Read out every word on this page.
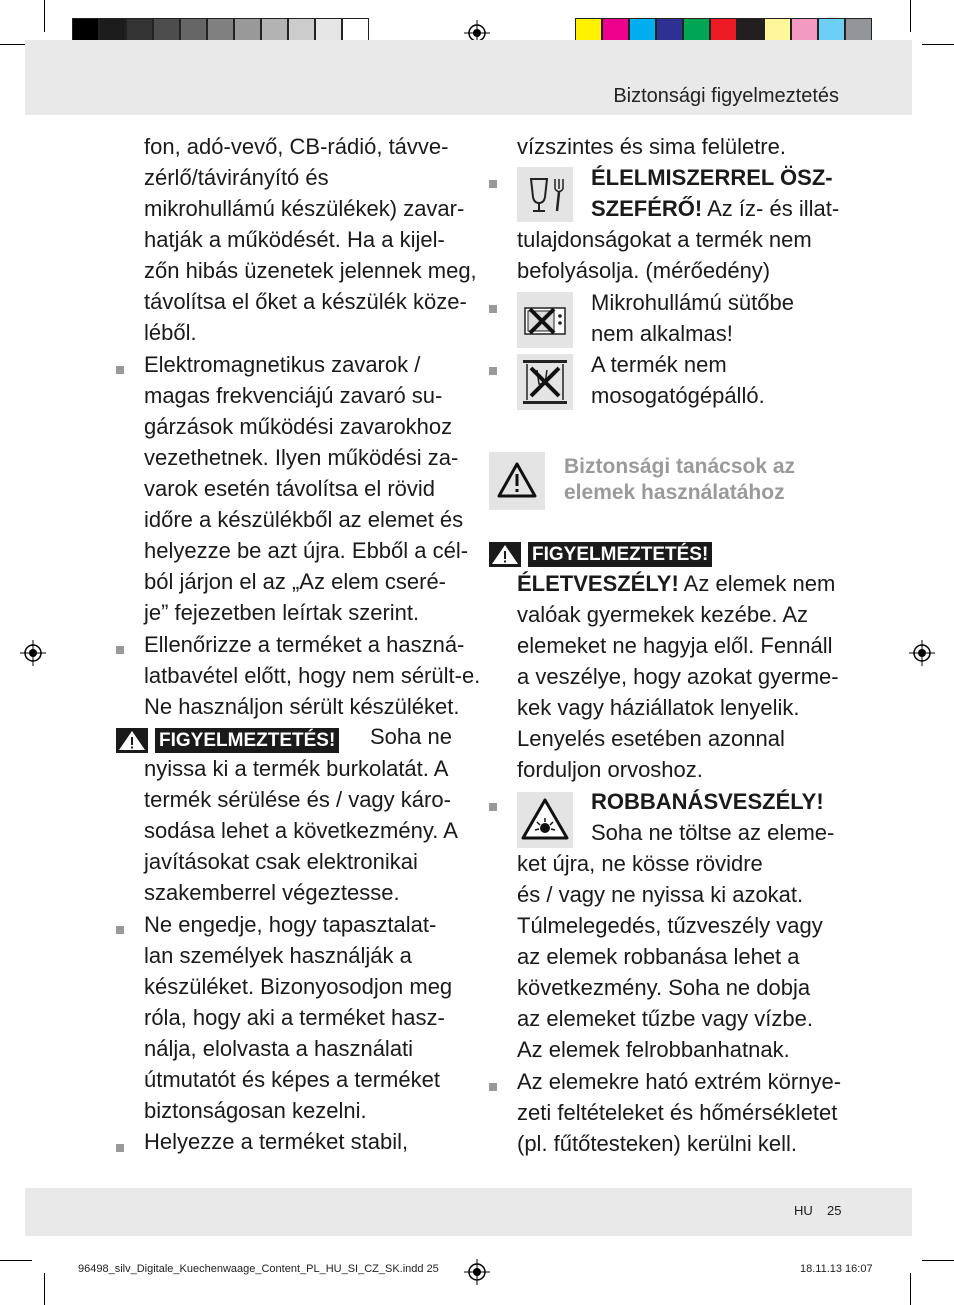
Biztonsági figyelmeztetés
fon, adó-vevő, CB-rádió, távve-
zérlő/távirányító és
mikrohullámú készülékek) zavar-
hatják a működését. Ha a kijel-
zőn hibás üzenetek jelennek meg,
távolítsa el őket a készülék köze-
léből.
Elektromagnetikus zavarok /
magas frekvenciájú zavaró su-
gárzások működési zavarokhoz
vezethetnek. Ilyen működési za-
varok esetén távolítsa el rövid
időre a készülékből az elemet és
helyezze be azt újra. Ebből a cél-
ból járjon el az „Az elem cseré-
je” fejezetben leírtak szerint.
Ellenőrizze a terméket a haszná-
latbavétel előtt, hogy nem sérült-e.
Ne használjon sérült készüléket.
FIGYELMEZTETÉS! Soha ne
nyissa ki a termék burkolatát. A
termék sérülése és / vagy káro-
sodása lehet a következmény. A
javításokat csak elektronikai
szakemberrel végeztesse.
Ne engedje, hogy tapasztalat-
lan személyek használják a
készüléket. Bizonyosodjon meg
róla, hogy aki a terméket hasz-
nálja, elolvasta a használati
útmutatót és képes a terméket
biztonságosan kezelni.
Helyezze a terméket stabil,
vízszintes és sima felületre.
ÉLELMISZERREL ÖSZ-
SZEFÉRŐ! Az íz- és illat-
tulajdonságokat a termék nem
befolyásolja. (mérőedény)
Mikrohullámú sütőbe
nem alkalmas!
A termék nem
mosogatógépálló.
Biztonsági tanácsok az
elemek használatához
FIGYELMEZTETÉS!
ÉLETVESZÉLY! Az elemek nem
valóak gyermekek kezébe. Az
elemeket ne hagyja elől. Fennáll
a veszélye, hogy azokat gyerme-
kek vagy háziállatok lenyelik.
Lenyelés esetében azonnal
forduljon orvoshoz.
ROBBANÁSVESZÉLY!
Soha ne töltse az eleme-
ket újra, ne kösse rövidre
és / vagy ne nyissa ki azokat.
Túlmelegedés, tűzveszély vagy
az elemek robbanása lehet a
következmény. Soha ne dobja
az elemeket tűzbe vagy vízbe.
Az elemek felrobbanhatnak.
Az elemekre ható extrém környe-
zeti feltételeket és hőmérsékletet
(pl. fűtőtesteken) kerülni kell.
HU 25
96498_silv_Digitale_Kuechenwaage_Content_PL_HU_SI_CZ_SK.indd 25	18.11.13 16:07
